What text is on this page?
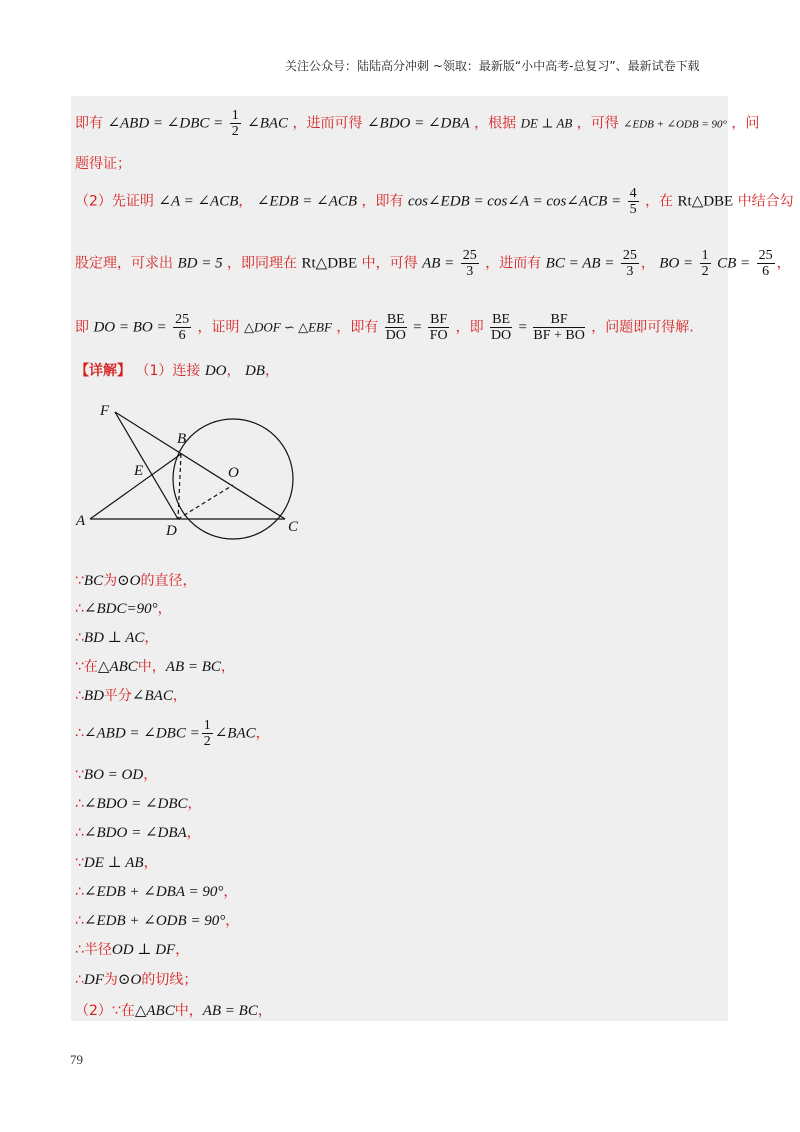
关注公众号：陆陆高分冲刺 ~领取：最新版“小中高考-总复习”、最新试卷下载
即有 ∠ABD = ∠DBC = $\frac{1}{2}$ ∠BAC ，进而可得 ∠BDO = ∠DBA ，根据 DE ⊥ AB ，可得 ∠EDB + ∠ODB = 90° ，问
题得证；
（2）先证明 ∠A = ∠ACB， ∠EDB = ∠ACB ，即有 cos∠EDB = cos∠A = cos∠ACB = $\frac{4}{5}$ ，在 Rt△DBE 中结合勾
股定理，可求出 BD = 5 ，即同理在 Rt△DBE 中，可得 AB = $\frac{25}{3}$ ，进而有 BC = AB = $\frac{25}{3}$ ， BO = $\frac{1}{2}$ CB = $\frac{25}{6}$ ，
即 DO = BO = $\frac{25}{6}$ ，证明 △DOF ∽ △EBF ，即有 $\frac{BE}{DO} = \frac{BF}{FO}$ ，即 $\frac{BE}{DO} = \frac{BF}{BF + BO}$ ，问题即可得解.
【详解】 （1）连接 DO， DB，
F
B
E	O
A
D	C
∵BC为⊙O的直径，
∴∠BDC=90°，
∴BD ⊥ AC，
∵在△ABC中，AB = BC，
∴BD平分∠BAC，
∴∠ABD = ∠DBC = $\frac{1}{2}$ ∠BAC，
∵BO = OD，
∴∠BDO = ∠DBC，
∴∠BDO = ∠DBA，
∵DE ⊥ AB，
∴∠EDB + ∠DBA = 90°，
∴∠EDB + ∠ODB = 90°，
∴半径OD ⊥ DF，
∴DF为⊙O的切线；
（2）∵在△ABC中，AB = BC，
79
